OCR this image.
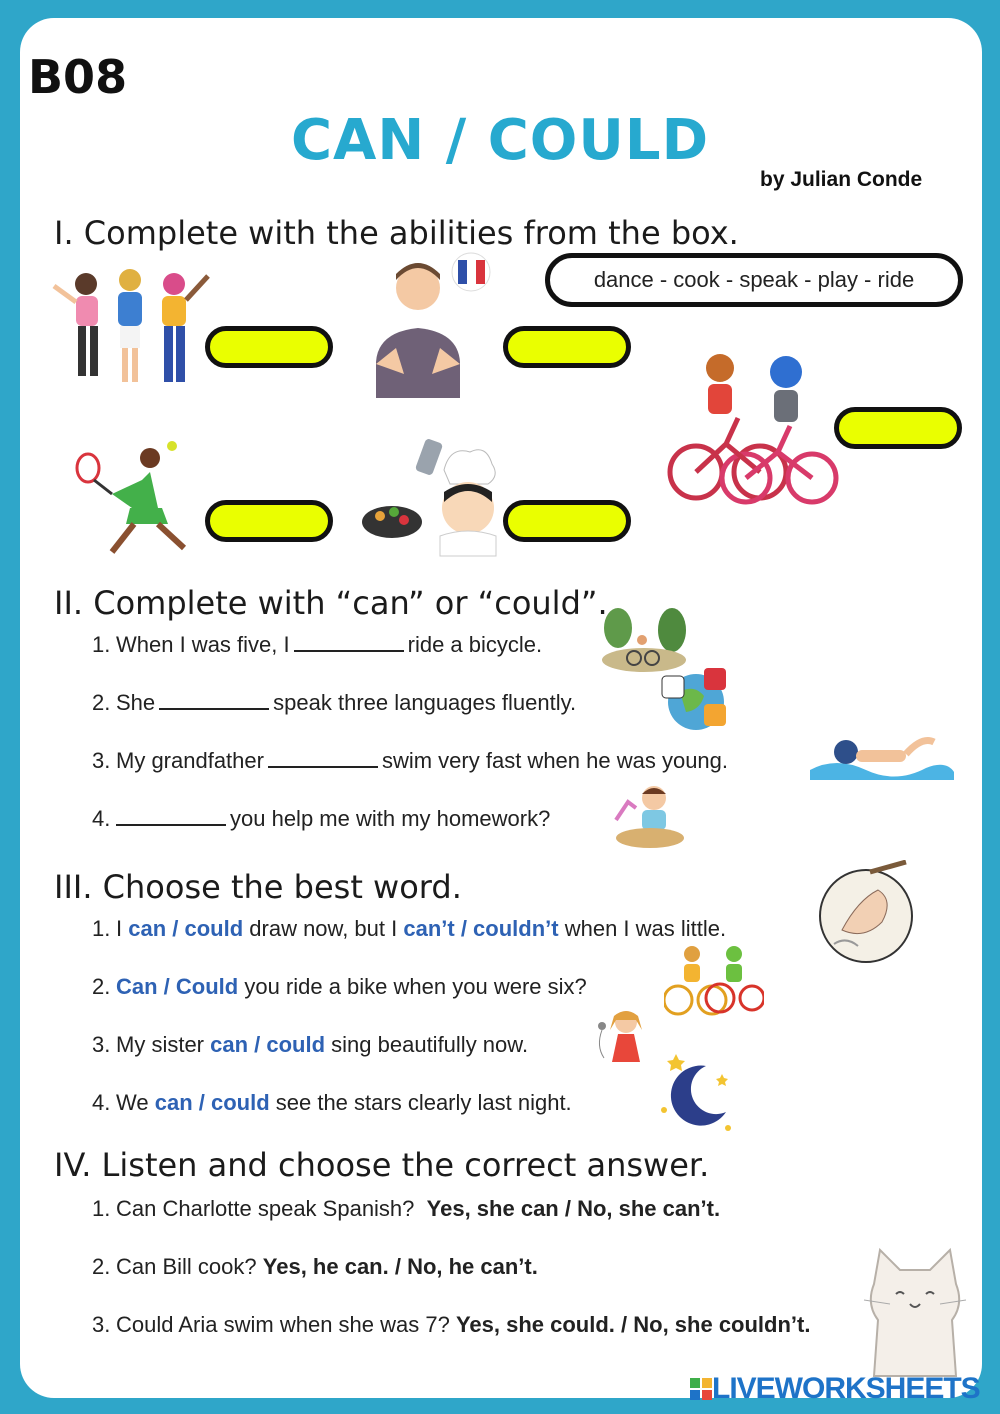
B08
CAN / COULD
by Julian Conde
I. Complete with the abilities from the box.
dance - cook - speak - play - ride
II. Complete with “can” or “could”.
1. When I was five, I	ride a bicycle.
2. She	speak three languages fluently.
3. My grandfather	swim very fast when he was young.
4.	you help me with my homework?
III. Choose the best word.
1. I can / could draw now, but I can’t / couldn’t when I was little.
2. Can / Could you ride a bike when you were six?
3. My sister can / could sing beautifully now.
4. We can / could see the stars clearly last night.
IV. Listen and choose the correct answer.
1. Can Charlotte speak Spanish? Yes, she can / No, she can’t.
2. Can Bill cook? Yes, he can. / No, he can’t.
3. Could Aria swim when she was 7? Yes, she could. / No, she couldn’t.
LIVEWORKSHEETS
